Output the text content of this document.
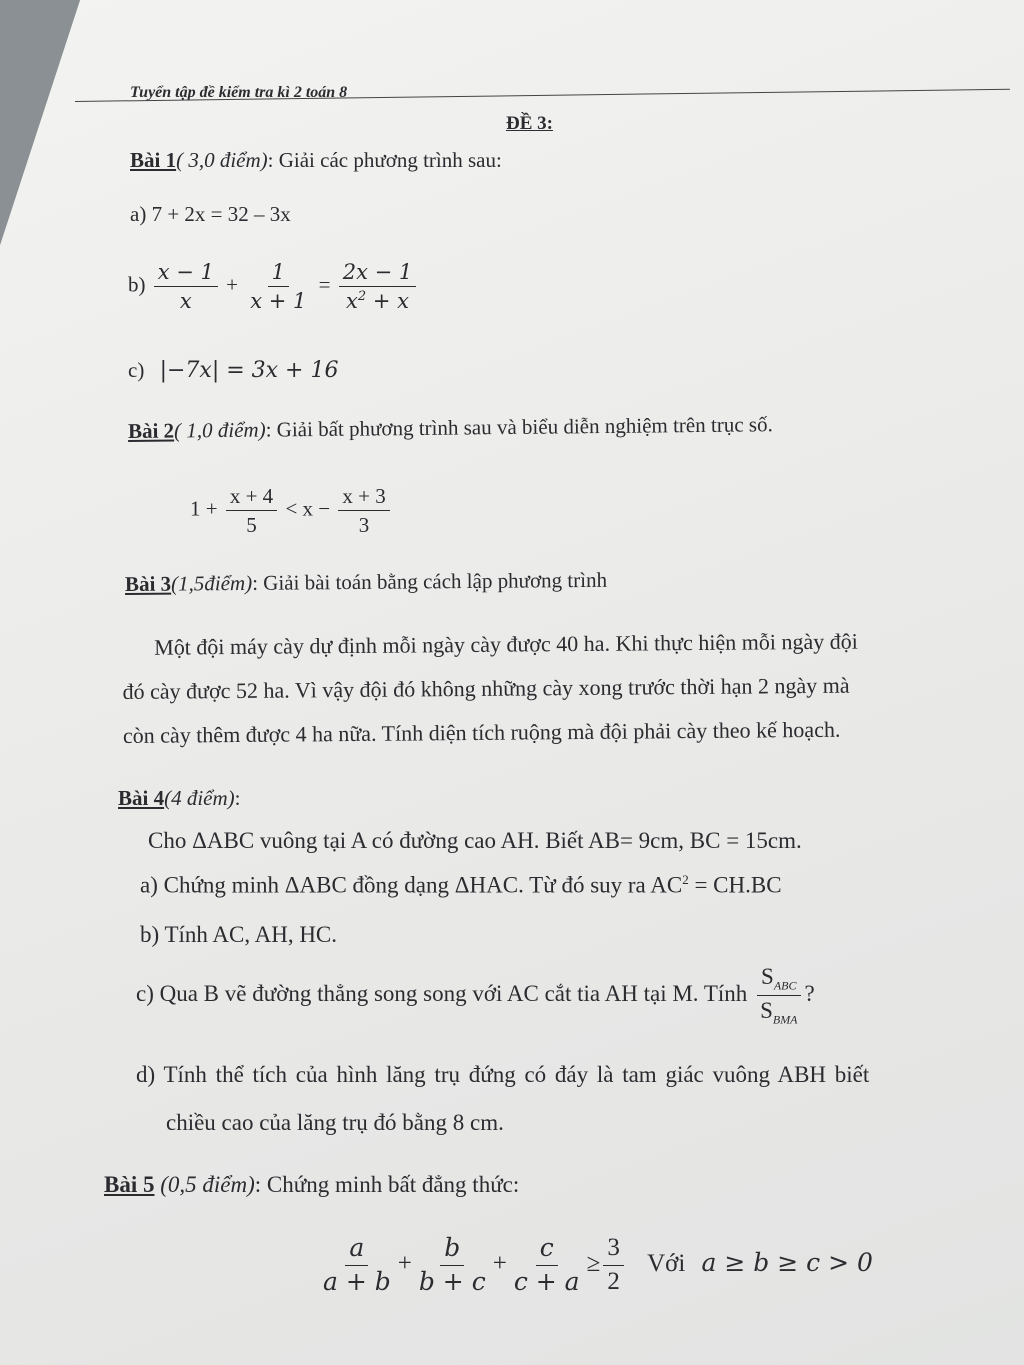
Tuyển tập đề kiểm tra kì 2 toán 8
ĐỀ 3:
Bài 1( 3,0 điểm): Giải các phương trình sau:
a) 7 + 2x = 32 – 3x
$b) \frac{x - 1}{x} + \frac{1}{x + 1} = \frac{2x - 1}{x^2 + x}$
c) |−7x| = 3x + 16
Bài 2( 1,0 điểm): Giải bất phương trình sau và biểu diễn nghiệm trên trục số.
$1 + \frac{x + 4}{5} < x - \frac{x + 3}{3}$
Bài 3(1,5điểm): Giải bài toán bằng cách lập phương trình
Một đội máy cày dự định mỗi ngày cày được 40 ha. Khi thực hiện mỗi ngày đội
đó cày được 52 ha. Vì vậy đội đó không những cày xong trước thời hạn 2 ngày mà
còn cày thêm được 4 ha nữa. Tính diện tích ruộng mà đội phải cày theo kế hoạch.
Bài 4(4 điểm):
Cho ΔABC vuông tại A có đường cao AH. Biết AB= 9cm, BC = 15cm.
a) Chứng minh ΔABC đồng dạng ΔHAC. Từ đó suy ra $AC^2 = CH.BC$
b) Tính AC, AH, HC.
c) Qua B vẽ đường thẳng song song với AC cắt tia AH tại M. Tính $\frac{S_{ABC}}{S_{BMA}}$ ?
d) Tính thể tích của hình lăng trụ đứng có đáy là tam giác vuông ABH biết
chiều cao của lăng trụ đó bằng 8 cm.
Bài 5 (0,5 điểm): Chứng minh bất đẳng thức:
$\frac{a}{a + b} + \frac{b}{b + c} + \frac{c}{c + a} \ge \frac{3}{2}$ Với a ≥ b ≥ c > 0
